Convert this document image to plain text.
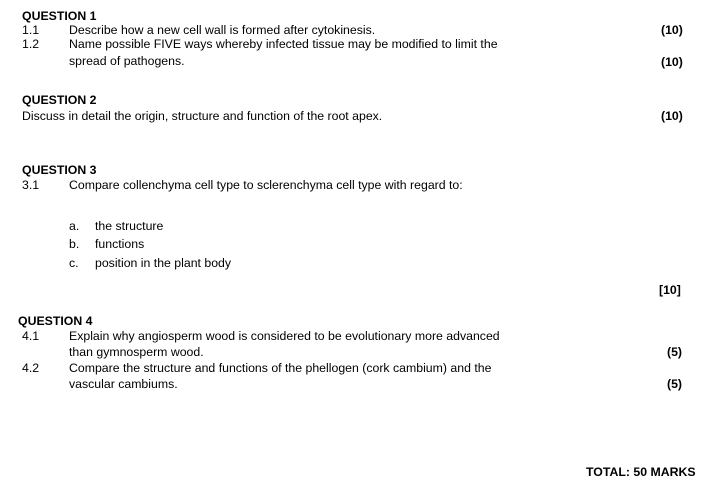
QUESTION 1
1.1 Describe how a new cell wall is formed after cytokinesis.	(10)
1.2 Name possible FIVE ways whereby infected tissue may be modified to limit the
spread of pathogens.	(10)
QUESTION 2
Discuss in detail the origin, structure and function of the root apex.	(10)
QUESTION 3
3.1 Compare collenchyma cell type to sclerenchyma cell type with regard to:
a. the structure
b. functions
c. position in the plant body
[10]
QUESTION 4
4.1 Explain why angiosperm wood is considered to be evolutionary more advanced
than gymnosperm wood.	(5)
4.2 Compare the structure and functions of the phellogen (cork cambium) and the
vascular cambiums.	(5)
TOTAL: 50 MARKS
